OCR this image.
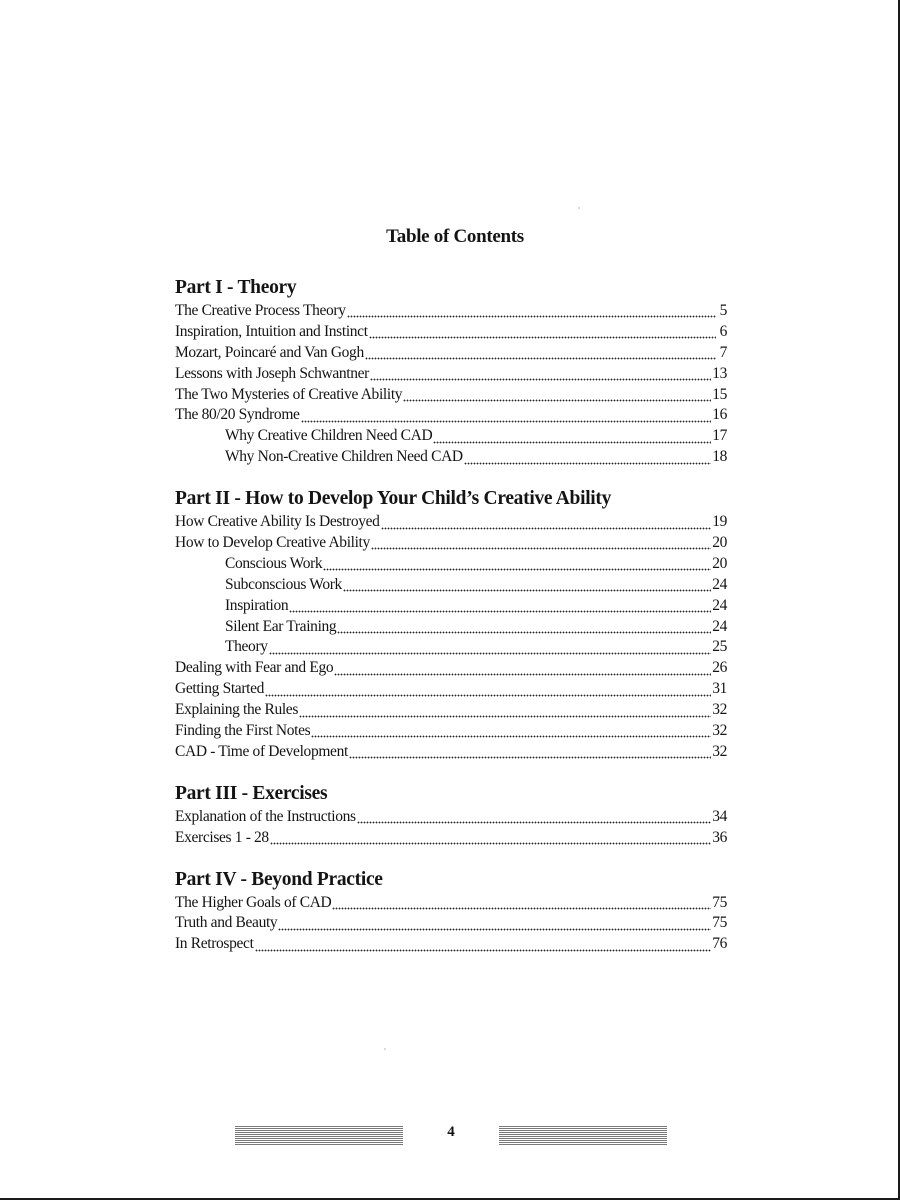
Table of Contents
Part I - Theory
The Creative Process Theory	5
Inspiration, Intuition and Instinct	6
Mozart, Poincaré and Van Gogh	7
Lessons with Joseph Schwantner	13
The Two Mysteries of Creative Ability	15
The 80/20 Syndrome	16
Why Creative Children Need CAD	17
Why Non-Creative Children Need CAD	18
Part II - How to Develop Your Child’s Creative Ability
How Creative Ability Is Destroyed	19
How to Develop Creative Ability	20
Conscious Work	20
Subconscious Work	24
Inspiration	24
Silent Ear Training	24
Theory	25
Dealing with Fear and Ego	26
Getting Started	31
Explaining the Rules	32
Finding the First Notes	32
CAD - Time of Development	32
Part III - Exercises
Explanation of the Instructions	34
Exercises 1 - 28	36
Part IV - Beyond Practice
The Higher Goals of CAD	75
Truth and Beauty	75
In Retrospect	76
4
